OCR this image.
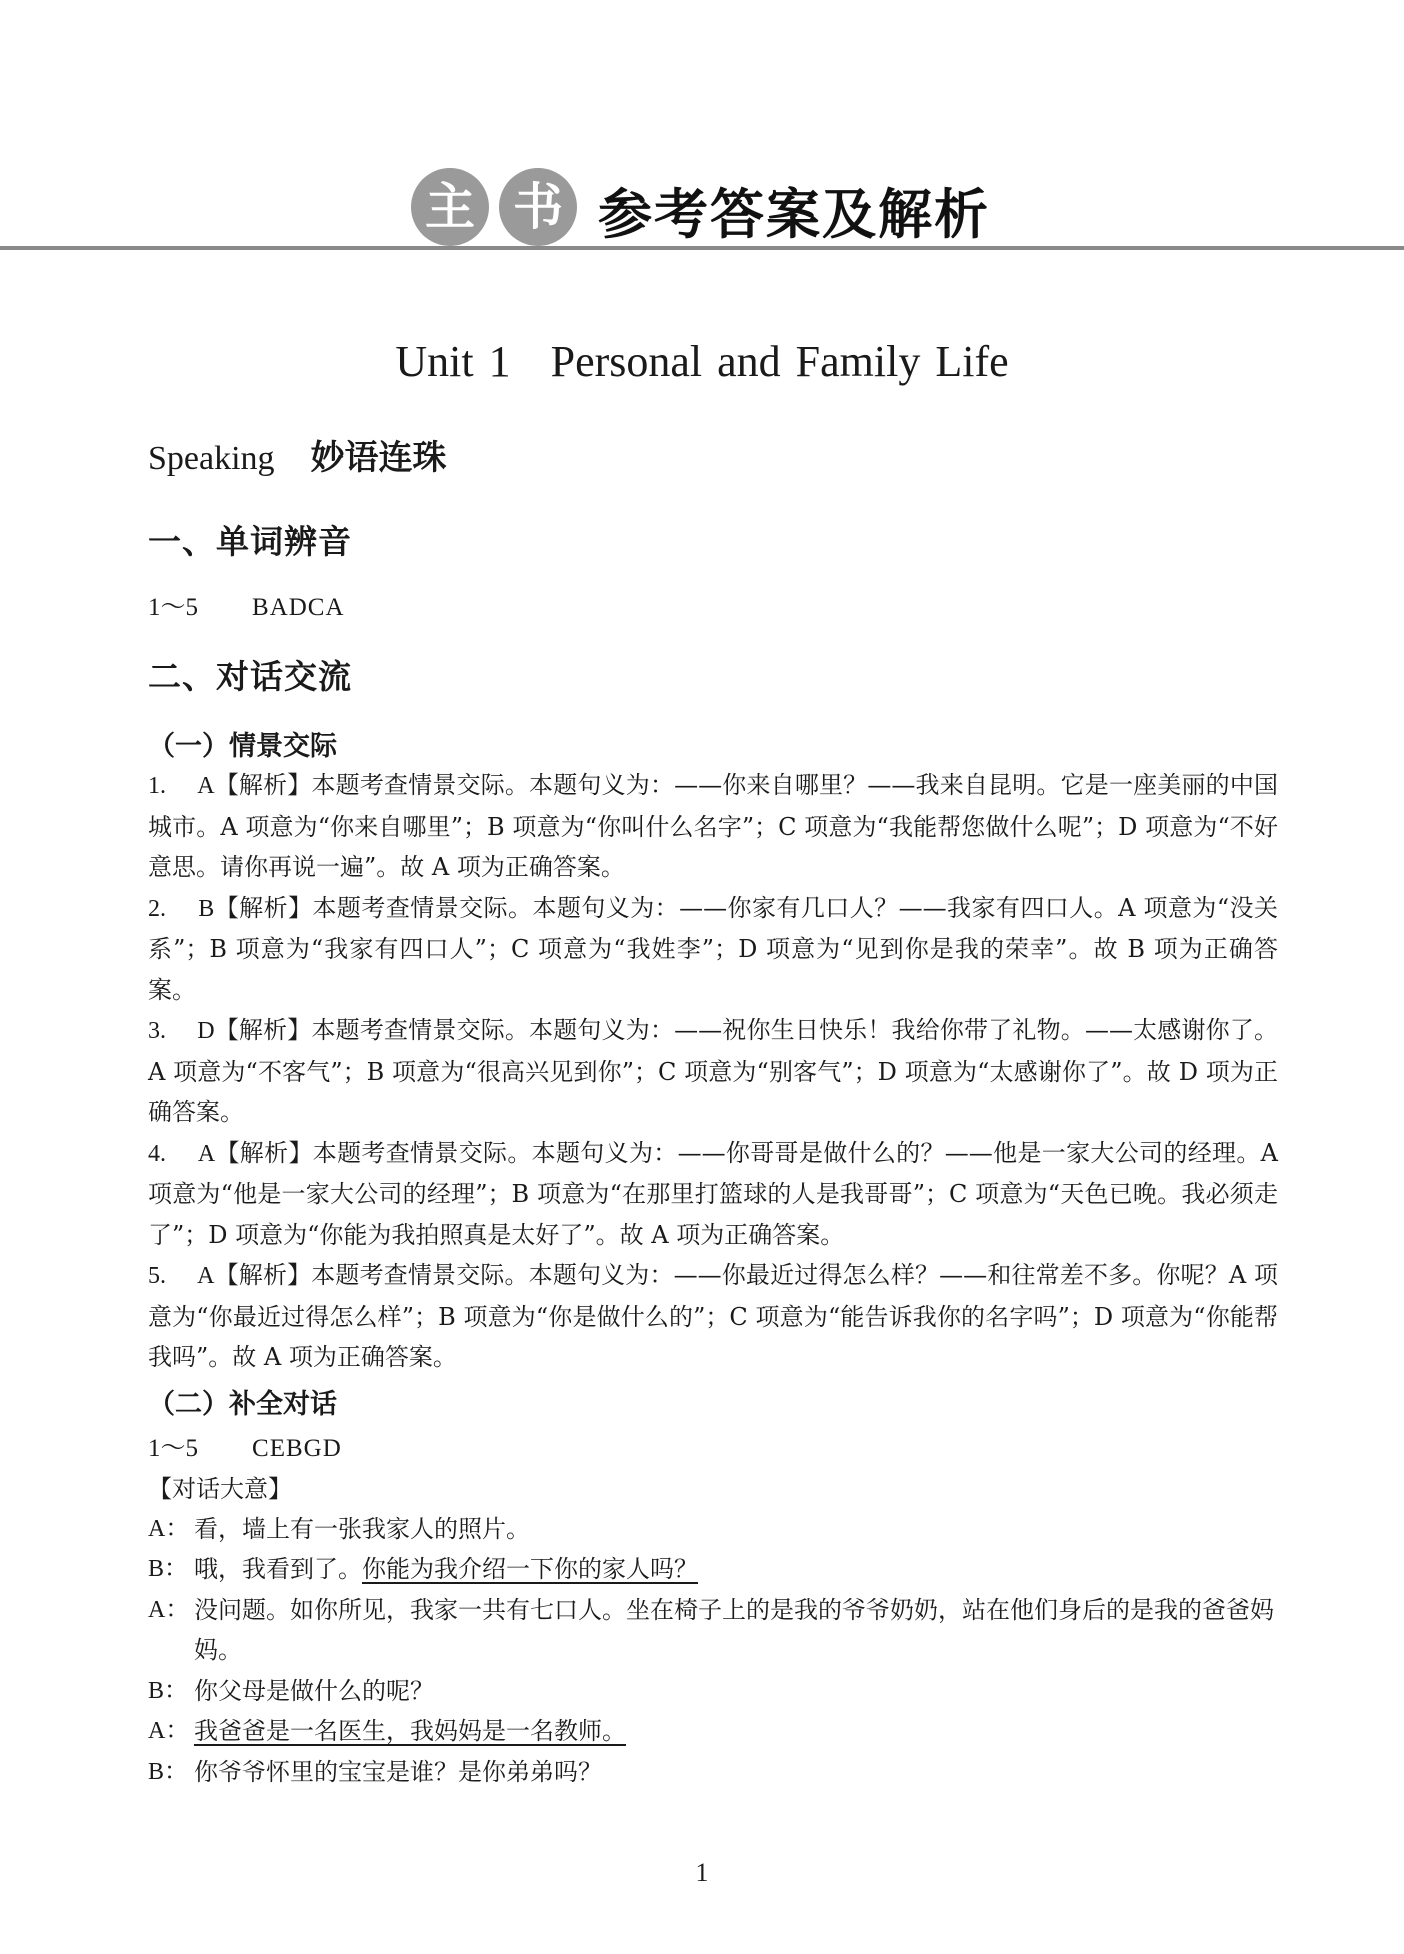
主 书 参考答案及解析
Unit 1 Personal and Family Life
Speaking 妙语连珠
一、单词辨音
1～5 BADCA
二、对话交流
（一）情景交际
1. A【解析】本题考查情景交际。本题句义为：——你来自哪里？——我来自昆明。它是一座美丽的中国城市。A 项意为“你来自哪里”；B 项意为“你叫什么名字”；C 项意为“我能帮您做什么呢”；D 项意为“不好意思。请你再说一遍”。故 A 项为正确答案。
2. B【解析】本题考查情景交际。本题句义为：——你家有几口人？——我家有四口人。A 项意为“没关系”；B 项意为“我家有四口人”；C 项意为“我姓李”；D 项意为“见到你是我的荣幸”。故 B 项为正确答案。
3. D【解析】本题考查情景交际。本题句义为：——祝你生日快乐！我给你带了礼物。——太感谢你了。A 项意为“不客气”；B 项意为“很高兴见到你”；C 项意为“别客气”；D 项意为“太感谢你了”。故 D 项为正确答案。
4. A【解析】本题考查情景交际。本题句义为：——你哥哥是做什么的？——他是一家大公司的经理。A 项意为“他是一家大公司的经理”；B 项意为“在那里打篮球的人是我哥哥”；C 项意为“天色已晚。我必须走了”；D 项意为“你能为我拍照真是太好了”。故 A 项为正确答案。
5. A【解析】本题考查情景交际。本题句义为：——你最近过得怎么样？——和往常差不多。你呢？A 项意为“你最近过得怎么样”；B 项意为“你是做什么的”；C 项意为“能告诉我你的名字吗”；D 项意为“你能帮我吗”。故 A 项为正确答案。
（二）补全对话
1～5 CEBGD
【对话大意】
A： 看，墙上有一张我家人的照片。
B： 哦，我看到了。你能为我介绍一下你的家人吗？
A： 没问题。如你所见，我家一共有七口人。坐在椅子上的是我的爷爷奶奶，站在他们身后的是我的爸爸妈妈。
B： 你父母是做什么的呢？
A： 我爸爸是一名医生，我妈妈是一名教师。
B： 你爷爷怀里的宝宝是谁？是你弟弟吗？
1
